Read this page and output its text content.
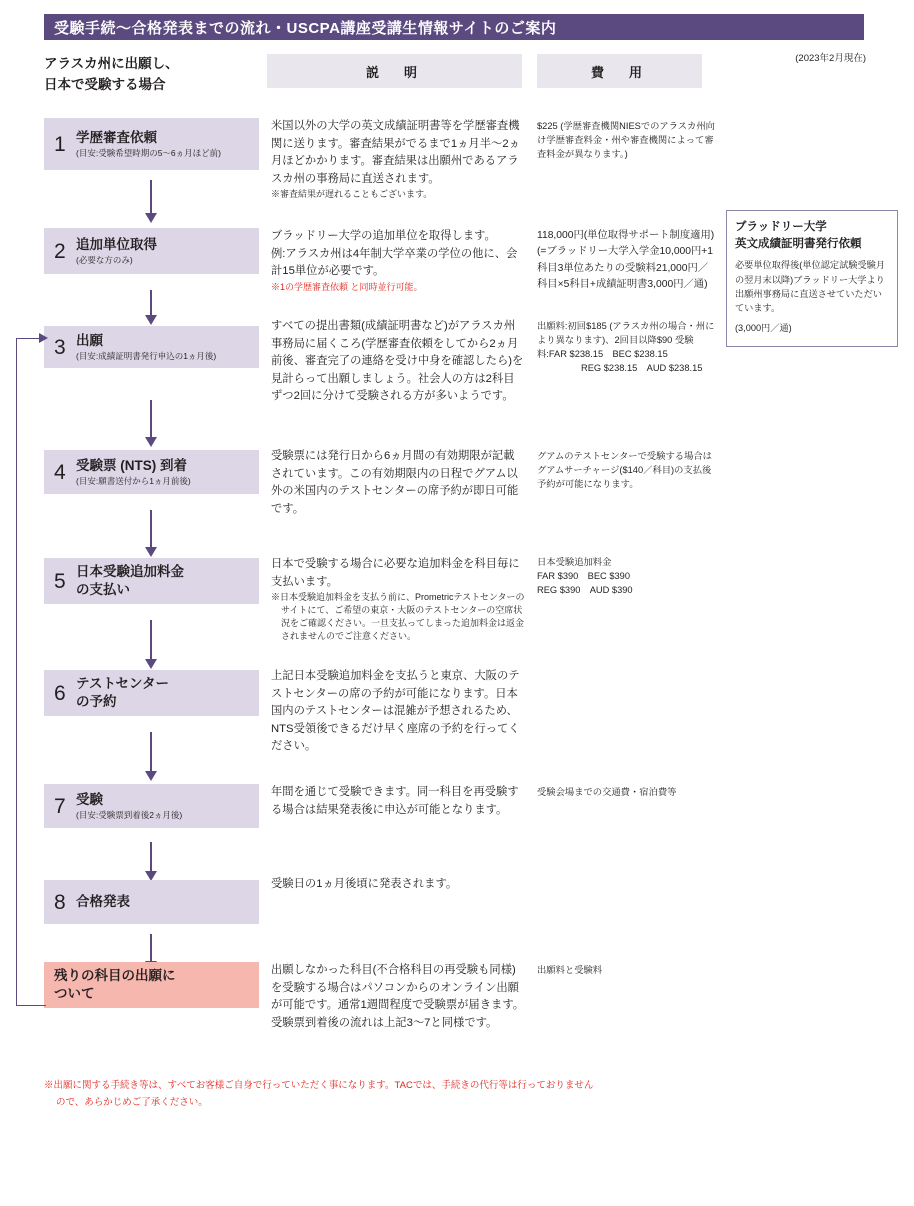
受験手続〜合格発表までの流れ・USCPA講座受講生情報サイトのご案内
アラスカ州に出願し、
日本で受験する場合
(2023年2月現在)
説　明	費　用
1 学歴審査依頼
(目安:受験希望時期の5〜6ヵ月ほど前)
米国以外の大学の英文成績証明書等を学歴審査機関に送ります。審査結果がでるまで1ヵ月半〜2ヵ月ほどかかります。審査結果は出願州であるアラスカ州の事務局に直送されます。
※審査結果が遅れることもございます。
$225 (学歴審査機関NIESでのアラスカ州向け学歴審査料金・州や審査機関によって審査料金が異なります。)
2 追加単位取得
(必要な方のみ)
ブラッドリー大学の追加単位を取得します。
例:アラスカ州は4年制大学卒業の学位の他に、会計15単位が必要です。
※1の学歴審査依頼 と同時並行可能。
118,000円(単位取得サポート制度適用)(=ブラッドリー大学入学金10,000円+1科目3単位あたりの受験料21,000円／科目×5科目+成績証明書3,000円／通)
3 出願
(目安:成績証明書発行申込の1ヵ月後)
すべての提出書類(成績証明書など)がアラスカ州事務局に届くころ(学歴審査依頼をしてから2ヵ月前後、審査完了の連絡を受け中身を確認したら)を見計らって出願しましょう。社会人の方は2科目ずつ2回に分けて受験される方が多いようです。
出願料:初回$185 (アラスカ州の場合・州により異なります)、2回目以降$90 受験料:FAR $238.15　BEC $238.15 REG $238.15　AUD $238.15
4 受験票 (NTS) 到着
(目安:願書送付から1ヵ月前後)
受験票には発行日から6ヵ月間の有効期限が記載されています。この有効期限内の日程でグアム以外の米国内のテストセンターの席予約が即日可能です。
グアムのテストセンターで受験する場合はグアムサーチャージ($140／科目)の支払後予約が可能になります。
5 日本受験追加料金
の支払い
日本で受験する場合に必要な追加料金を科目毎に支払います。
※日本受験追加料金を支払う前に、Prometricテストセンターのサイトにて、ご希望の東京・大阪のテストセンターの空席状況をご確認ください。一旦支払ってしまった追加料金は返金されませんのでご注意ください。
日本受験追加料金
FAR $390　BEC $390
REG $390　AUD $390
6 テストセンター
の予約
上記日本受験追加料金を支払うと東京、大阪のテストセンターの席の予約が可能になります。日本国内のテストセンターは混雑が予想されるため、NTS受領後できるだけ早く座席の予約を行ってください。
7 受験
(目安:受験票到着後2ヵ月後)
年間を通じて受験できます。同一科目を再受験する場合は結果発表後に申込が可能となります。
受験会場までの交通費・宿泊費等
8 合格発表
受験日の1ヵ月後頃に発表されます。
残りの科目の出願に
ついて
出願しなかった科目(不合格科目の再受験も同様)を受験する場合はパソコンからのオンライン出願が可能です。通常1週間程度で受験票が届きます。受験票到着後の流れは上記3〜7と同様です。
出願料と受験料
ブラッドリー大学
英文成績証明書発行依頼
必要単位取得後(単位認定試験受験月の翌月末以降)ブラッドリー大学より出願州事務局に直送させていただいています。
(3,000円／通)
※出願に関する手続き等は、すべてお客様ご自身で行っていただく事になります。TACでは、手続きの代行等は行っておりません
ので、あらかじめご了承ください。
